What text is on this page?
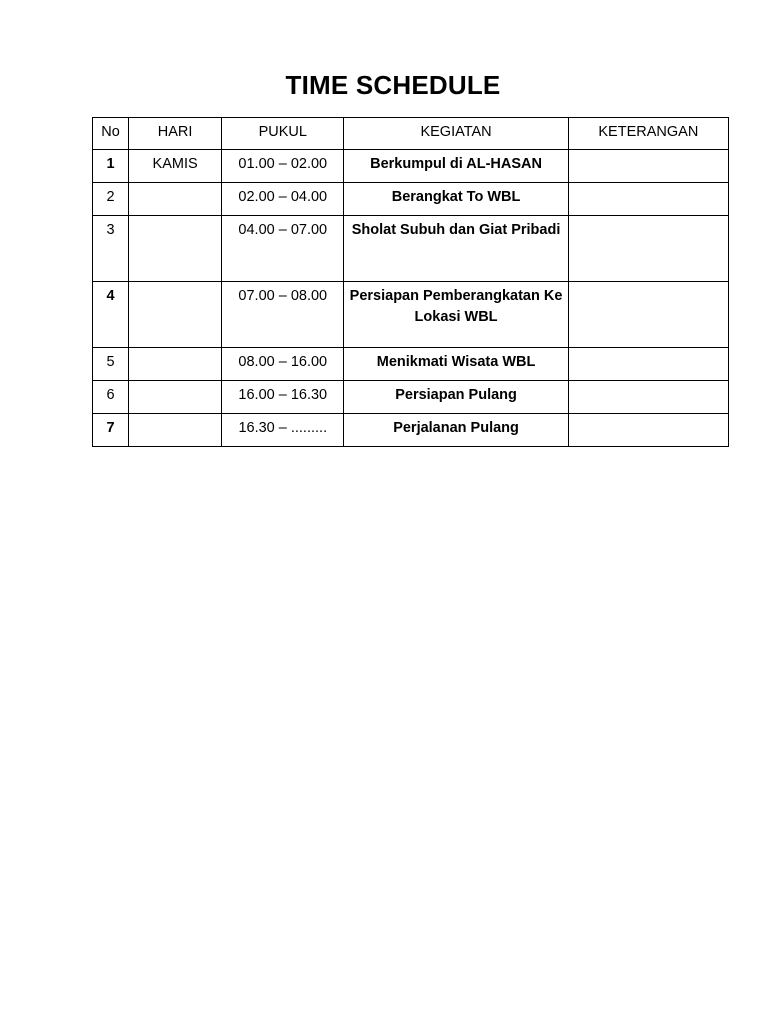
TIME SCHEDULE
No	HARI	PUKUL	KEGIATAN	KETERANGAN
1	KAMIS	01.00 – 02.00	Berkumpul di AL-HASAN	
2		02.00 – 04.00	Berangkat To WBL	
3		04.00 – 07.00	Sholat Subuh dan Giat Pribadi	
4		07.00 – 08.00	Persiapan Pemberangkatan Ke Lokasi WBL	
5		08.00 – 16.00	Menikmati Wisata WBL	
6		16.00 – 16.30	Persiapan Pulang	
7		16.30 – .........	Perjalanan Pulang	
